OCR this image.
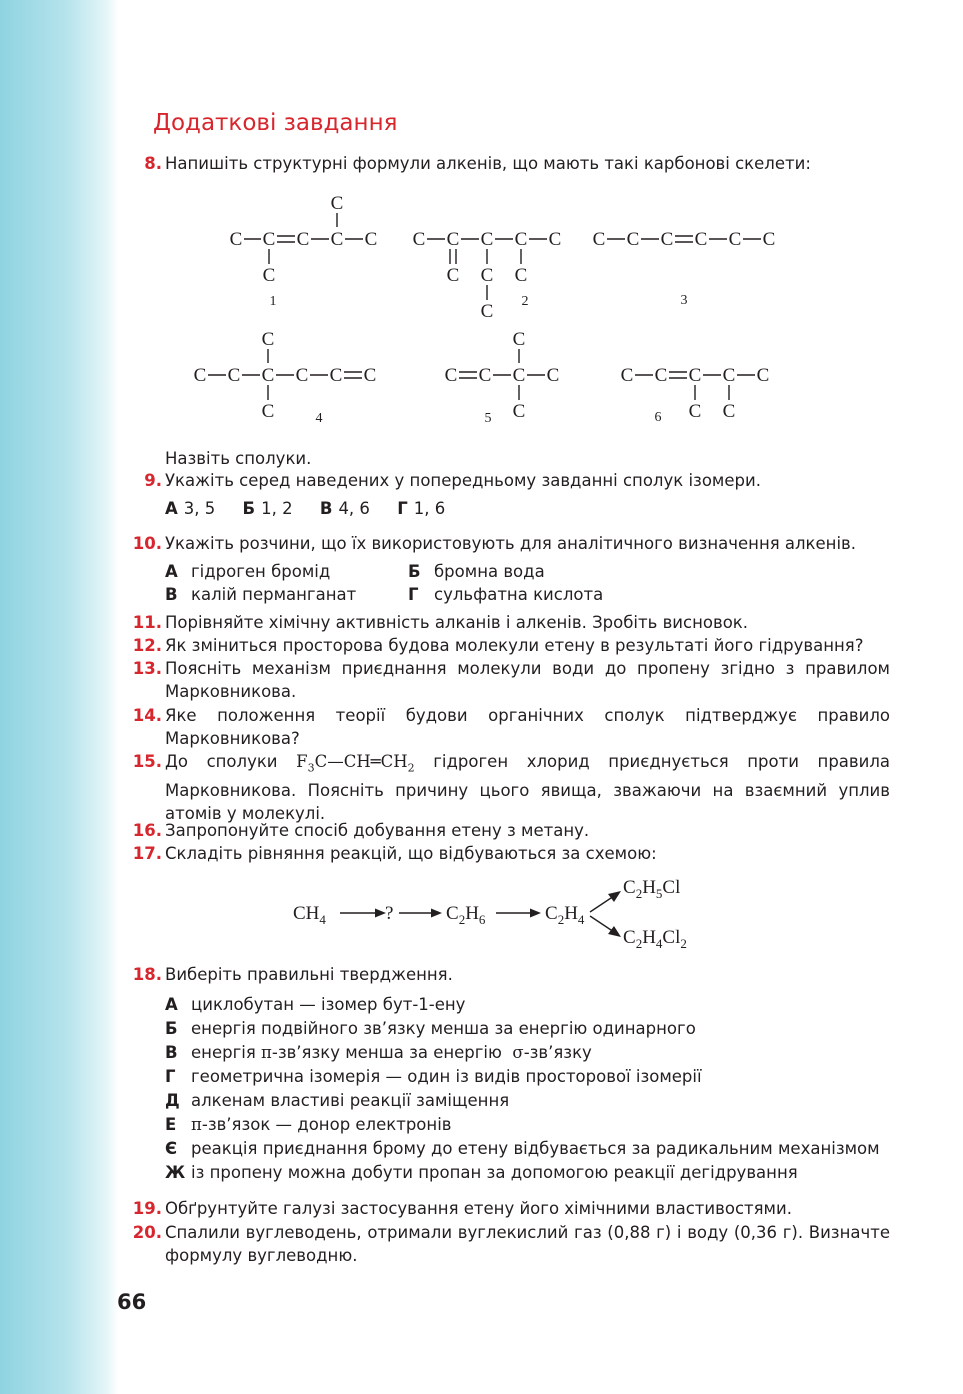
Додаткові завдання
8. Напишіть структурні формули алкенів, що мають такі карбонові скелети:
C C C C C
C
C
1
C C C C C
C C C
C 2
C C C C C C
3
C C C C C C
C
C	4
C C C C
C
C
5
C C C C C
C C
6
$CH_4$	?	$C_2H_6$	$C_2H_4$
$C_2H_5Cl$
$C_2H_4Cl_2$
Назвіть сполуки.
9. Укажіть серед наведених у попередньому завданні сполук ізомери.
А 3, 5 Б 1, 2 В 4, 6 Г 1, 6
10. Укажіть розчини, що їх використовують для аналітичного визначення алкенів.
А гідроген бромід	Б бромна вода
В калій перманганат	Г сульфатна кислота
11. Порівняйте хімічну активність алканів і алкенів. Зробіть висновок.
12. Як зміниться просторова будова молекули етену в результаті його гідрування?
13. Поясніть механізм приєднання молекули води до пропену згідно з правилом Марковникова.
14. Яке положення теорії будови органічних сполук підтверджує правило Марковникова?
15. До сполуки $F_3C—CH═CH_2$ гідроген хлорид приєднується проти правила Марковникова. Поясніть причину цього явища, зважаючи на взаємний уплив атомів у молекулі.
16. Запропонуйте спосіб добування етену з метану.
17. Складіть рівняння реакцій, що відбуваються за схемою:
18. Виберіть правильні твердження.
А циклобутан — ізомер бут-1-ену
Б енергія подвійного зв’язку менша за енергію одинарного
В енергія π-зв’язку менша за енергію σ-зв’язку
Г геометрична ізомерія — один із видів просторової ізомерії
Д алкенам властиві реакції заміщення
Е π-зв’язок — донор електронів
Є реакція приєднання брому до етену відбувається за радикальним механізмом
Ж із пропену можна добути пропан за допомогою реакції дегідрування
19. Обґрунтуйте галузі застосування етену його хімічними властивостями.
20. Спалили вуглеводень, отримали вуглекислий газ (0,88 г) і воду (0,36 г). Визначте формулу вуглеводню.
66
